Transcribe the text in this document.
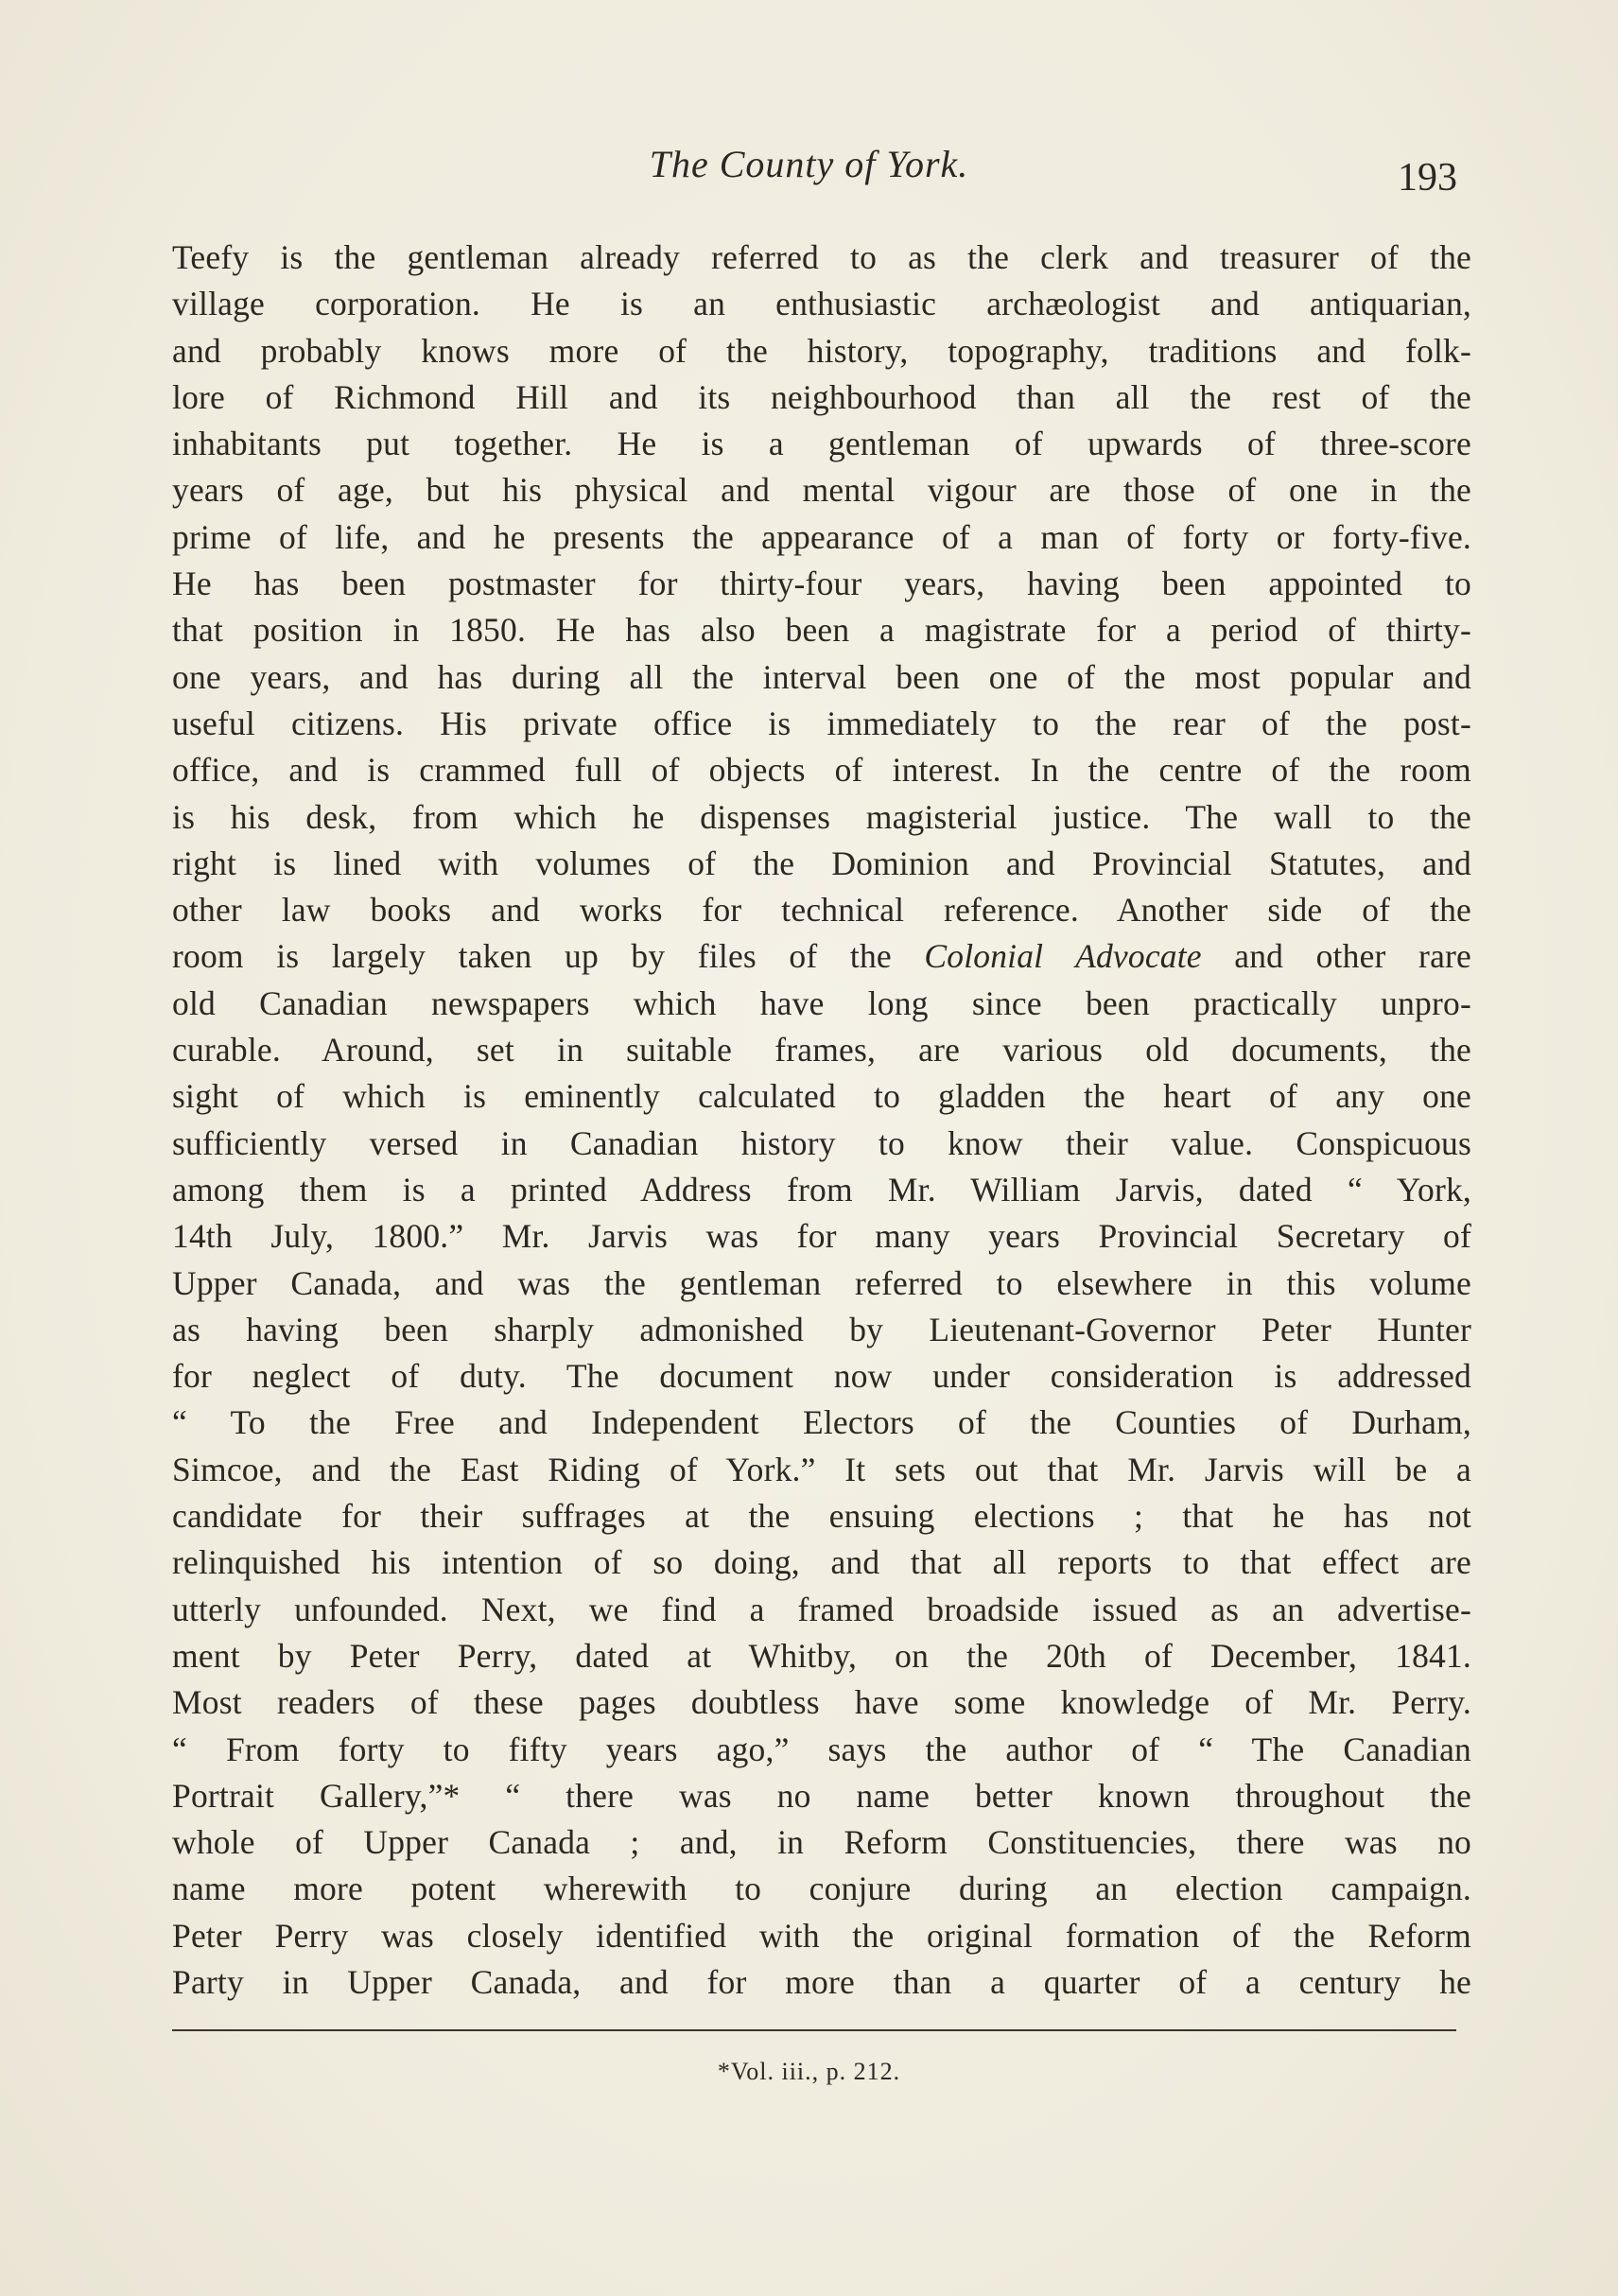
The County of York.	193
Teefy is the gentleman already referred to as the clerk and treasurer of the
village corporation. He is an enthusiastic archæologist and antiquarian,
and probably knows more of the history, topography, traditions and folk-
lore of Richmond Hill and its neighbourhood than all the rest of the
inhabitants put together. He is a gentleman of upwards of three-score
years of age, but his physical and mental vigour are those of one in the
prime of life, and he presents the appearance of a man of forty or forty-five.
He has been postmaster for thirty-four years, having been appointed to
that position in 1850. He has also been a magistrate for a period of thirty-
one years, and has during all the interval been one of the most popular and
useful citizens. His private office is immediately to the rear of the post-
office, and is crammed full of objects of interest. In the centre of the room
is his desk, from which he dispenses magisterial justice. The wall to the
right is lined with volumes of the Dominion and Provincial Statutes, and
other law books and works for technical reference. Another side of the
room is largely taken up by files of the Colonial Advocate and other rare
old Canadian newspapers which have long since been practically unpro-
curable. Around, set in suitable frames, are various old documents, the
sight of which is eminently calculated to gladden the heart of any one
sufficiently versed in Canadian history to know their value. Conspicuous
among them is a printed Address from Mr. William Jarvis, dated “ York,
14th July, 1800.” Mr. Jarvis was for many years Provincial Secretary of
Upper Canada, and was the gentleman referred to elsewhere in this volume
as having been sharply admonished by Lieutenant-Governor Peter Hunter
for neglect of duty. The document now under consideration is addressed
“ To the Free and Independent Electors of the Counties of Durham,
Simcoe, and the East Riding of York.” It sets out that Mr. Jarvis will be a
candidate for their suffrages at the ensuing elections ; that he has not
relinquished his intention of so doing, and that all reports to that effect are
utterly unfounded. Next, we find a framed broadside issued as an advertise-
ment by Peter Perry, dated at Whitby, on the 20th of December, 1841.
Most readers of these pages doubtless have some knowledge of Mr. Perry.
“ From forty to fifty years ago,” says the author of “ The Canadian
Portrait Gallery,”* “ there was no name better known throughout the
whole of Upper Canada ; and, in Reform Constituencies, there was no
name more potent wherewith to conjure during an election campaign.
Peter Perry was closely identified with the original formation of the Reform
Party in Upper Canada, and for more than a quarter of a century he
*Vol. iii., p. 212.
